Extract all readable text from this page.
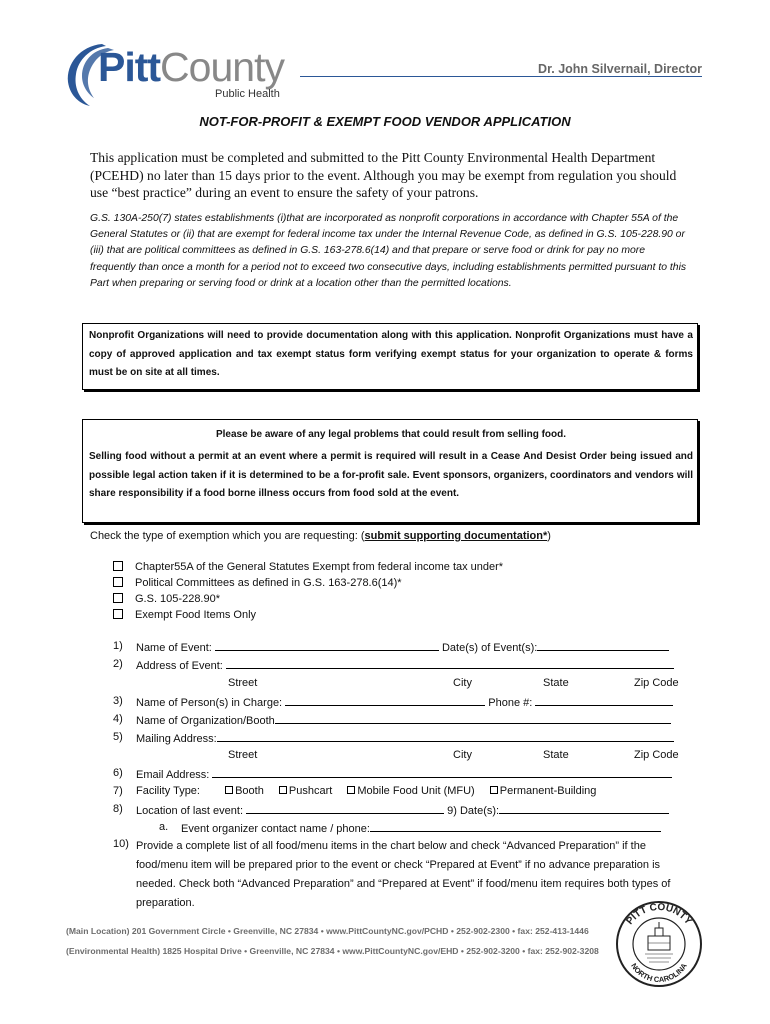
PittCounty
Public Health
Dr. John Silvernail, Director
NOT-FOR-PROFIT & EXEMPT FOOD VENDOR APPLICATION
This application must be completed and submitted to the Pitt County Environmental Health Department (PCEHD) no later than 15 days prior to the event. Although you may be exempt from regulation you should use “best practice” during an event to ensure the safety of your patrons.
G.S. 130A-250(7) states establishments (i)that are incorporated as nonprofit corporations in accordance with Chapter 55A of the General Statutes or (ii) that are exempt for federal income tax under the Internal Revenue Code, as defined in G.S. 105-228.90 or (iii) that are political committees as defined in G.S. 163-278.6(14) and that prepare or serve food or drink for pay no more frequently than once a month for a period not to exceed two consecutive days, including establishments permitted pursuant to this Part when preparing or serving food or drink at a location other than the permitted locations.
Nonprofit Organizations will need to provide documentation along with this application. Nonprofit Organizations must have a copy of approved application and tax exempt status form verifying exempt status for your organization to operate & forms must be on site at all times.
Please be aware of any legal problems that could result from selling food.
Selling food without a permit at an event where a permit is required will result in a Cease And Desist Order being issued and possible legal action taken if it is determined to be a for-profit sale. Event sponsors, organizers, coordinators and vendors will share responsibility if a food borne illness occurs from food sold at the event.
Check the type of exemption which you are requesting: (submit supporting documentation*)
Chapter55A of the General Statutes Exempt from federal income tax under*
Political Committees as defined in G.S. 163-278.6(14)*
G.S. 105-228.90*
Exempt Food Items Only
1)	Name of Event:	Date(s) of Event(s):
2)	Address of Event:
Street	City	State	Zip Code
3)	Name of Person(s) in Charge:	Phone #:
4)	Name of Organization/Booth
5)	Mailing Address:
Street	City	State	Zip Code
6)	Email Address:
7)	Facility Type:	Booth Pushcart Mobile Food Unit (MFU) Permanent-Building
8)	Location of last event:	9) Date(s):
a. Event organizer contact name / phone:
10) Provide a complete list of all food/menu items in the chart below and check “Advanced Preparation” if the food/menu item will be prepared prior to the event or check “Prepared at Event” if no advance preparation is needed. Check both “Advanced Preparation” and “Prepared at Event” if food/menu item requires both types of preparation.
(Main Location) 201 Government Circle • Greenville, NC 27834 • www.PittCountyNC.gov/PCHD • 252-902-2300 • fax: 252-413-1446
(Environmental Health) 1825 Hospital Drive • Greenville, NC 27834 • www.PittCountyNC.gov/EHD • 252-902-3200 • fax: 252-902-3208
PITT COUNTY
NORTH CAROLINA
